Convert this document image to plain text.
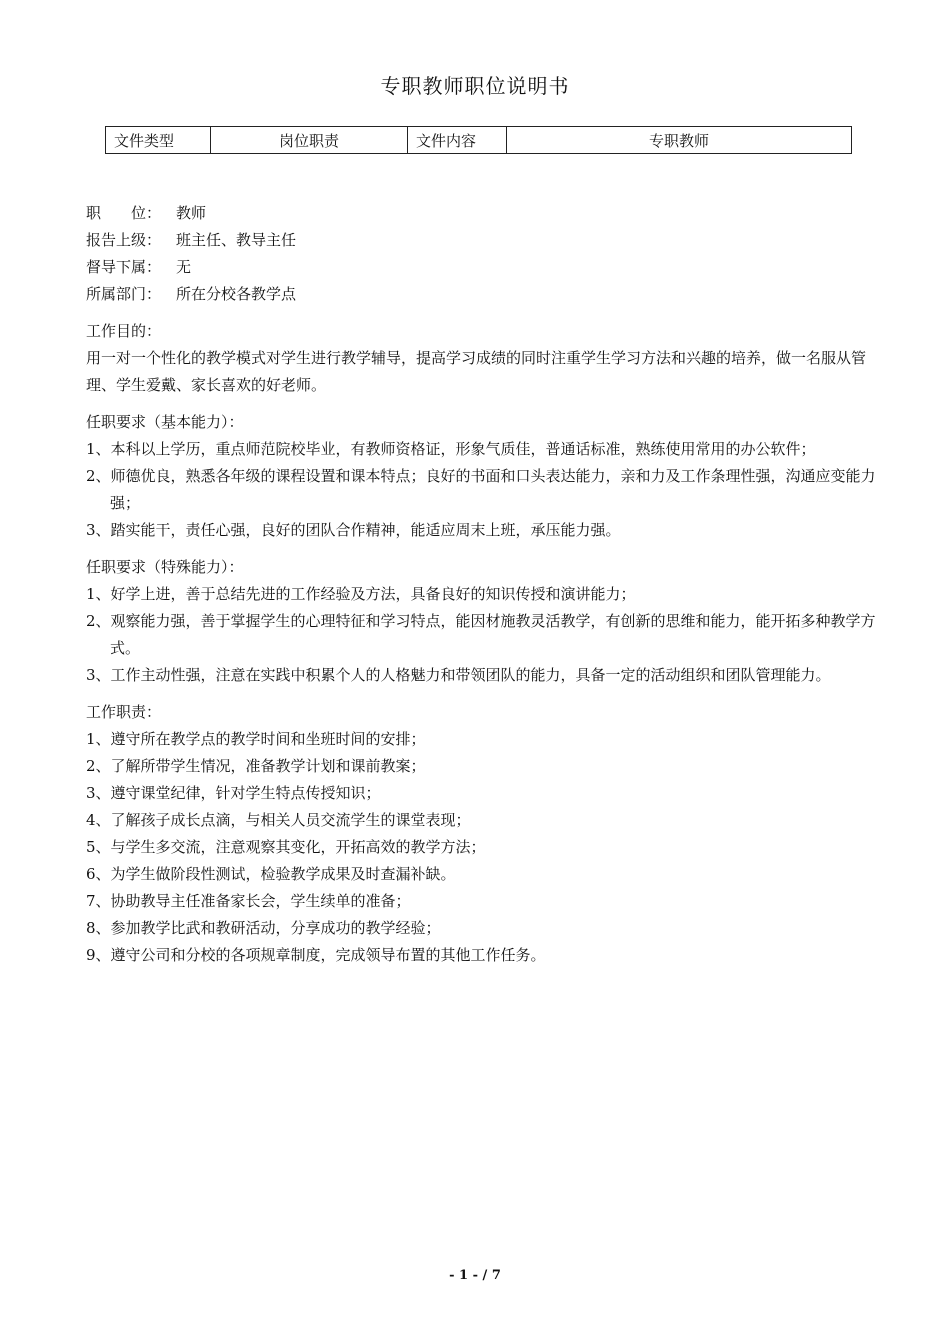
专职教师职位说明书
文件类型	岗位职责	文件内容	专职教师
职　　位： 教师
报告上级： 班主任、教导主任
督导下属： 无
所属部门： 所在分校各教学点
工作目的：
用一对一个性化的教学模式对学生进行教学辅导，提高学习成绩的同时注重学生学习方法和兴趣的培养，做一名服从管理、学生爱戴、家长喜欢的好老师。
任职要求（基本能力）：
1、本科以上学历，重点师范院校毕业，有教师资格证，形象气质佳，普通话标准，熟练使用常用的办公软件；
2、师德优良，熟悉各年级的课程设置和课本特点；良好的书面和口头表达能力，亲和力及工作条理性强，沟通应变能力强；
3、踏实能干，责任心强，良好的团队合作精神，能适应周末上班，承压能力强。
任职要求（特殊能力）：
1、好学上进，善于总结先进的工作经验及方法，具备良好的知识传授和演讲能力；
2、观察能力强，善于掌握学生的心理特征和学习特点，能因材施教灵活教学，有创新的思维和能力，能开拓多种教学方式。
3、工作主动性强，注意在实践中积累个人的人格魅力和带领团队的能力，具备一定的活动组织和团队管理能力。
工作职责：
1、遵守所在教学点的教学时间和坐班时间的安排；
2、了解所带学生情况，准备教学计划和课前教案；
3、遵守课堂纪律，针对学生特点传授知识；
4、了解孩子成长点滴，与相关人员交流学生的课堂表现；
5、与学生多交流，注意观察其变化，开拓高效的教学方法；
6、为学生做阶段性测试，检验教学成果及时查漏补缺。
7、协助教导主任准备家长会，学生续单的准备；
8、参加教学比武和教研活动，分享成功的教学经验；
9、遵守公司和分校的各项规章制度，完成领导布置的其他工作任务。
- 1 - / 7
